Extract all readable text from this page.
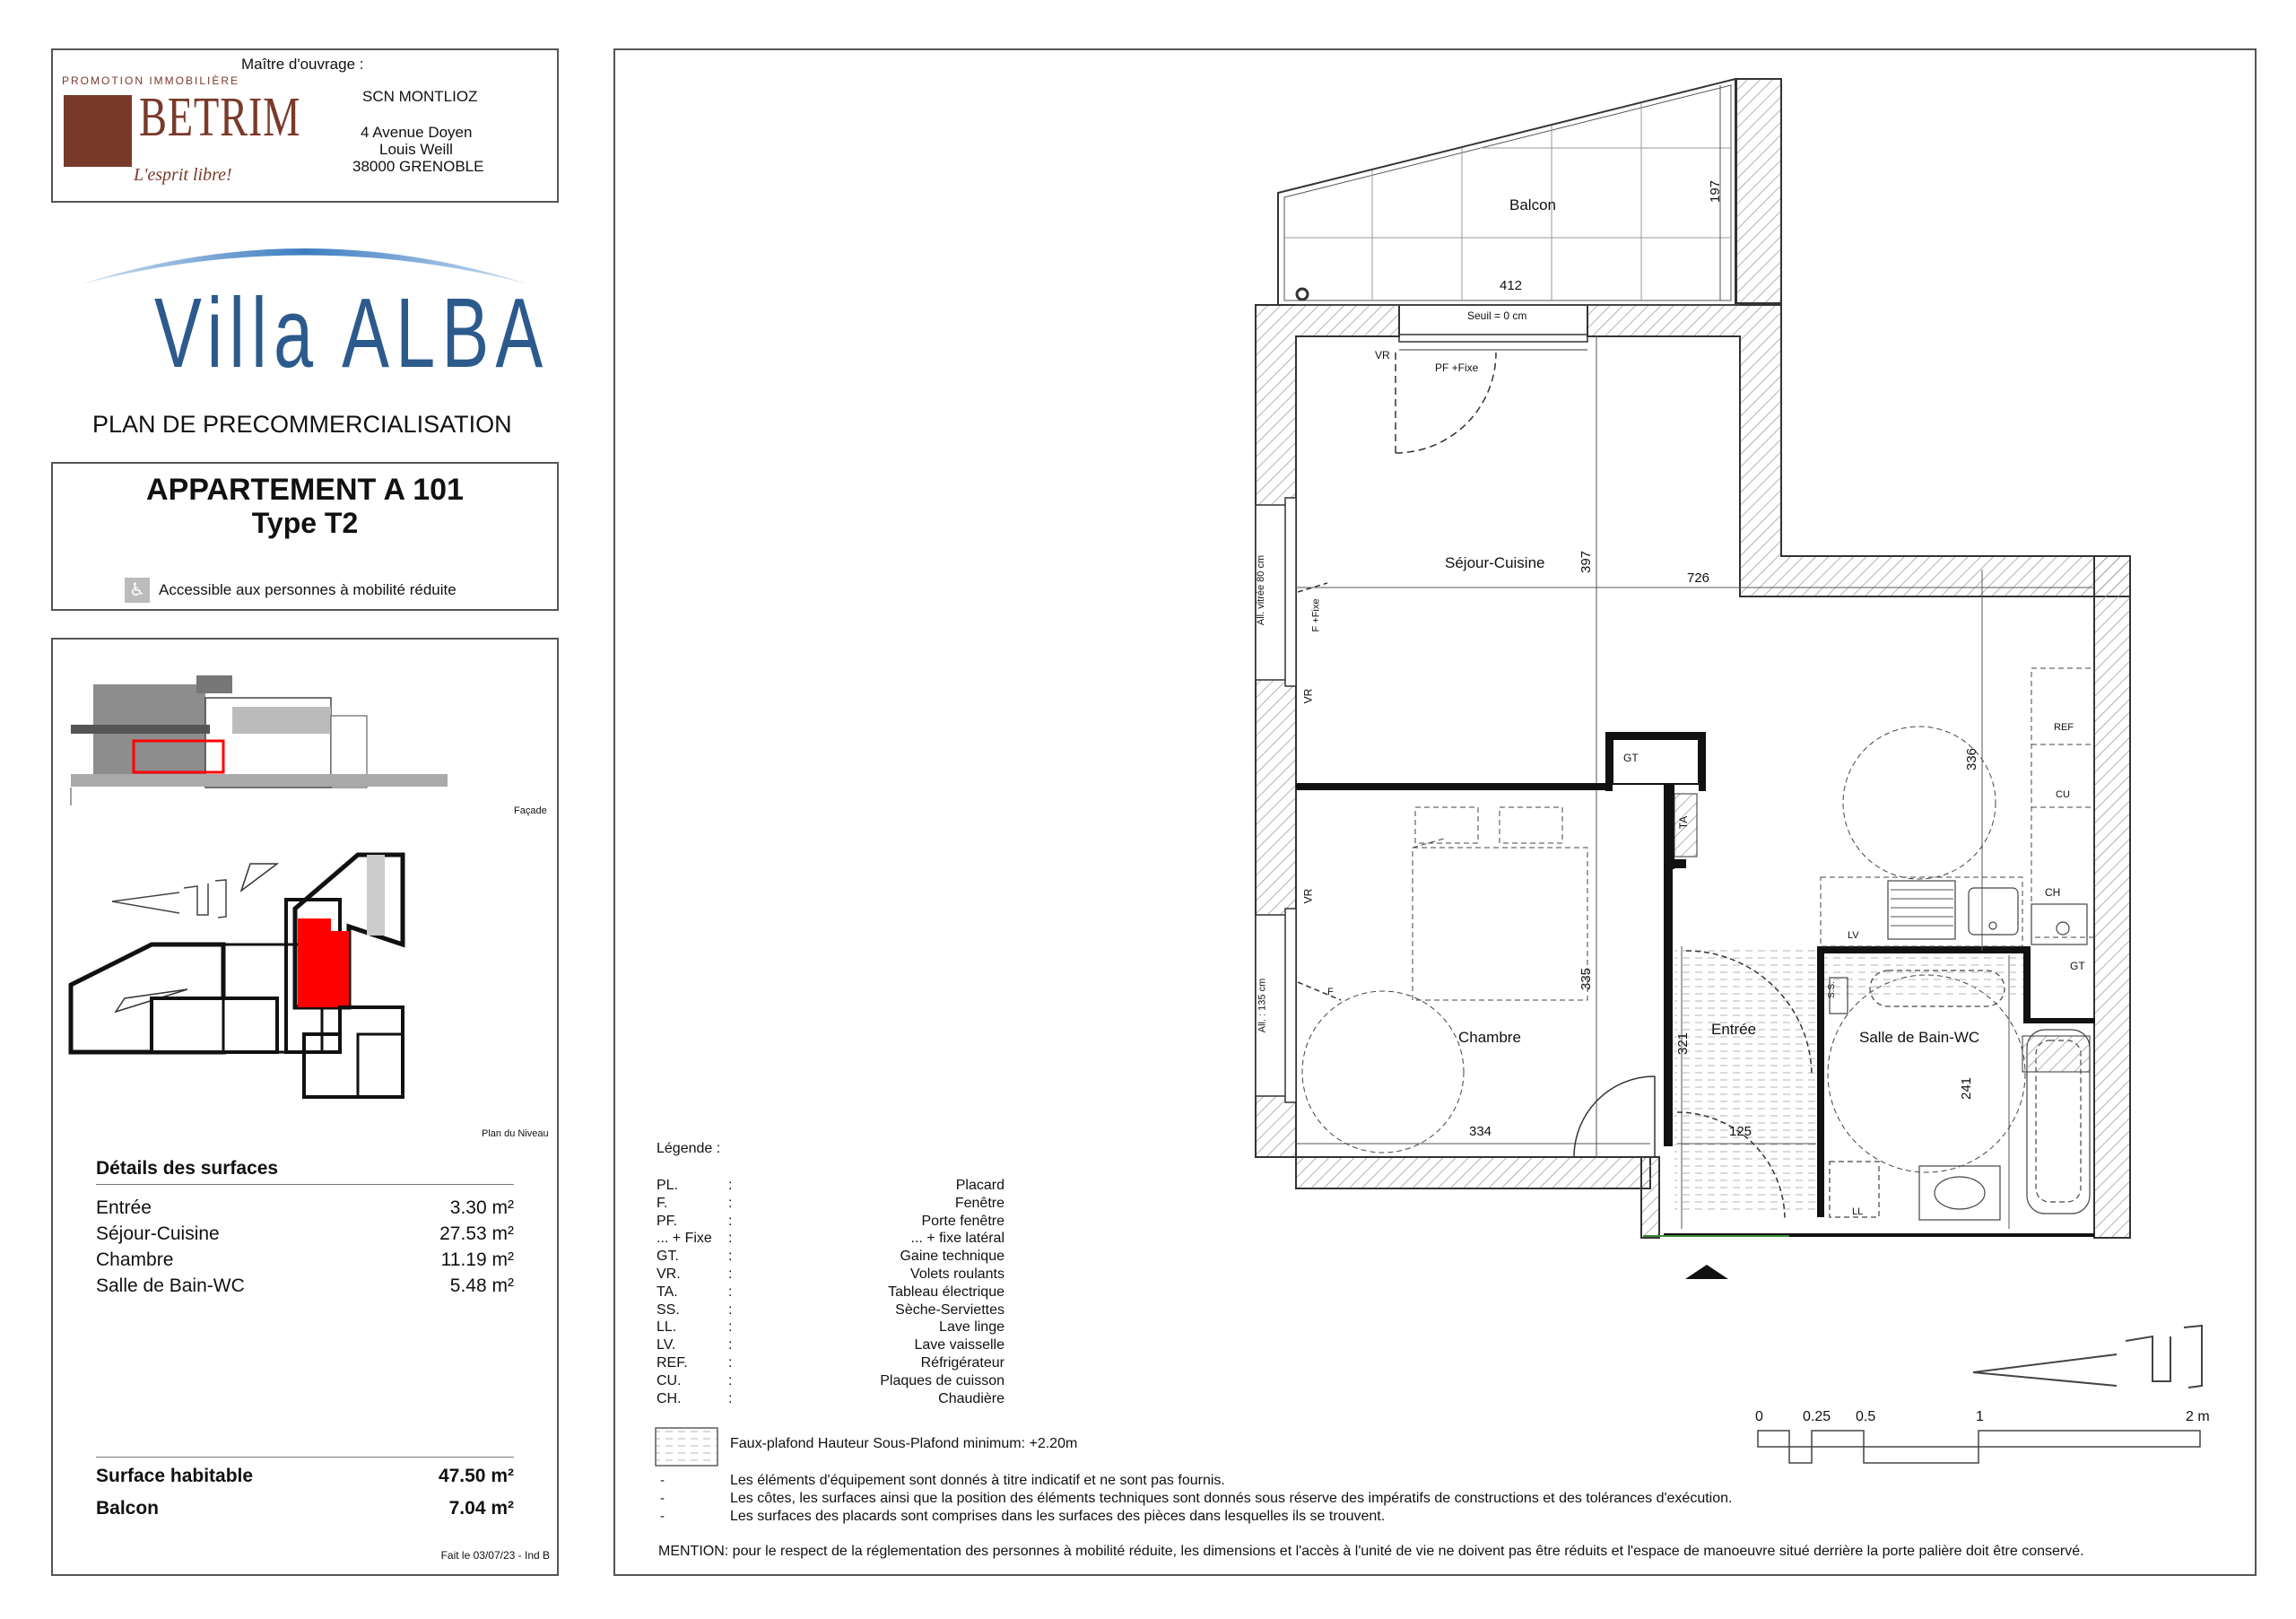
Maître d'ouvrage :
PROMOTION IMMOBILIÈRE
BETRIM
L'esprit libre!
SCN MONTLIOZ
4 Avenue Doyen
Louis Weill
38000 GRENOBLE
Villa ALBA
PLAN DE PRECOMMERCIALISATION
APPARTEMENT A 101
Type T2
♿ Accessible aux personnes à mobilité réduite
Façade
Plan du Niveau
Détails des surfaces
Entrée	3.30 m²
Séjour-Cuisine	27.53 m²
Chambre	11.19 m²
Salle de Bain-WC	5.48 m²
Surface habitable	47.50 m²
Balcon	7.04 m²
Fait le 03/07/23 - Ind B
Balcon
Séjour-Cuisine
Chambre	Entrée	Salle de Bain-WC
197
412
Seuil = 0 cm
397
726
336
335
334
321
125
241
VR
PF +Fixe
All. vitrée 80 cm	F +Fixe
VR
VR
All. : 135 cm	F
GT
TA
REF
CU
CH
LV
GT
S.S.
LL
Légende :
PL.	:	Placard
F.	:	Fenêtre
PF.	:	Porte fenêtre
... + Fixe :	... + fixe latéral
GT.	:	Gaine technique
VR.	:	Volets roulants
TA.	:	Tableau électrique
SS.	:	Sèche-Serviettes
LL.	:	Lave linge
LV.	:	Lave vaisselle
REF.	:	Réfrigérateur
CU.	:	Plaques de cuisson
CH.	:	Chaudière
Faux-plafond Hauteur Sous-Plafond minimum: +2.20m
-	Les éléments d'équipement sont donnés à titre indicatif et ne sont pas fournis.
-	Les côtes, les surfaces ainsi que la position des éléments techniques sont donnés sous réserve des impératifs de constructions et des tolérances d'exécution.
-	Les surfaces des placards sont comprises dans les surfaces des pièces dans lesquelles ils se trouvent.
MENTION: pour le respect de la réglementation des personnes à mobilité réduite, les dimensions et l'accès à l'unité de vie ne doivent pas être réduits et l'espace de manoeuvre situé derrière la porte palière doit être conservé.
0	0.25 0.5	1	2 m
